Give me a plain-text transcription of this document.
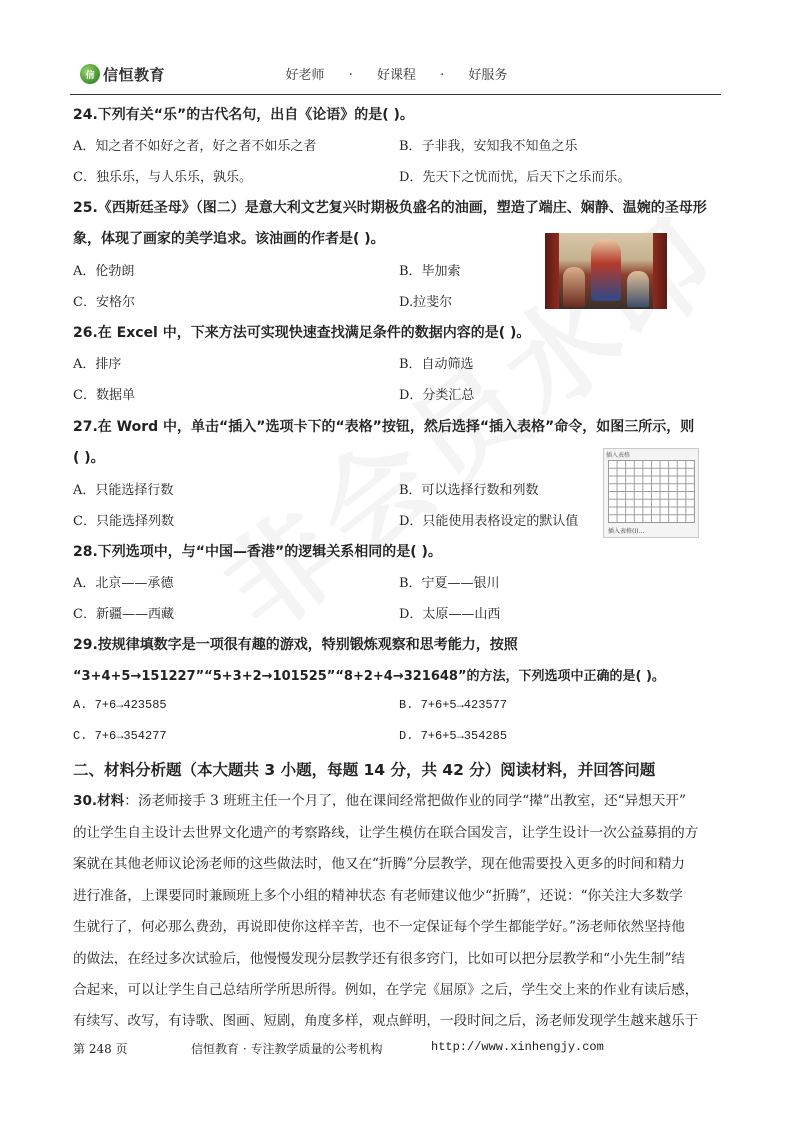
信 信恒教育	好老师 · 好课程 · 好服务
24.下列有关“乐”的古代名句，出自《论语》的是( )。
A．知之者不如好之者，好之者不如乐之者	B．子非我，安知我不知鱼之乐
C．独乐乐，与人乐乐，孰乐。	D．先天下之忧而忧，后天下之乐而乐。
25.《西斯廷圣母》（图二）是意大利文艺复兴时期极负盛名的油画，塑造了端庄、娴静、温婉的圣母形
象，体现了画家的美学追求。该油画的作者是( )。
A．伦勃朗	B．毕加索
C．安格尔	D.拉斐尔
26.在 Excel 中，下来方法可实现快速查找满足条件的数据内容的是( )。
A．排序	B．自动筛选
C．数据单	D．分类汇总
27.在 Word 中，单击“插入”选项卡下的“表格”按钮，然后选择“插入表格”命令，如图三所示，则
( )。
A．只能选择行数	B．可以选择行数和列数
C．只能选择列数	D．只能使用表格设定的默认值
28.下列选项中，与“中国—香港”的逻辑关系相同的是( )。
A．北京——承德	B．宁夏——银川
C．新疆——西藏	D．太原——山西
29.按规律填数字是一项很有趣的游戏，特别锻炼观察和思考能力，按照
“3+4+5→151227”“5+3+2→101525”“8+2+4→321648”的方法，下列选项中正确的是( )。
A. 7+6→423585	B. 7+6+5→423577
C. 7+6→354277	D. 7+6+5→354285
二、材料分析题（本大题共 3 小题，每题 14 分，共 42 分）阅读材料，并回答问题
30.材料：汤老师接手 3 班班主任一个月了，他在课间经常把做作业的同学“撵”出教室，还“异想天开”
的让学生自主设计去世界文化遗产的考察路线，让学生模仿在联合国发言，让学生设计一次公益募捐的方
案就在其他老师议论汤老师的这些做法时，他又在“折腾”分层教学，现在他需要投入更多的时间和精力
进行准备，上课要同时兼顾班上多个小组的精神状态 有老师建议他少“折腾”，还说：“你关注大多数学
生就行了，何必那么费劲，再说即使你这样辛苦，也不一定保证每个学生都能学好。”汤老师依然坚持他
的做法，在经过多次试验后，他慢慢发现分层教学还有很多窍门，比如可以把分层教学和“小先生制”结
合起来，可以让学生自己总结所学所思所得。例如，在学完《屈原》之后，学生交上来的作业有读后感，
有续写、改写，有诗歌、图画、短剧，角度多样，观点鲜明，一段时间之后，汤老师发现学生越来越乐于
插入表格
插入表格(I)...
第 248 页	信恒教育 · 专注教学质量的公考机构	http://www.xinhengjy.com
